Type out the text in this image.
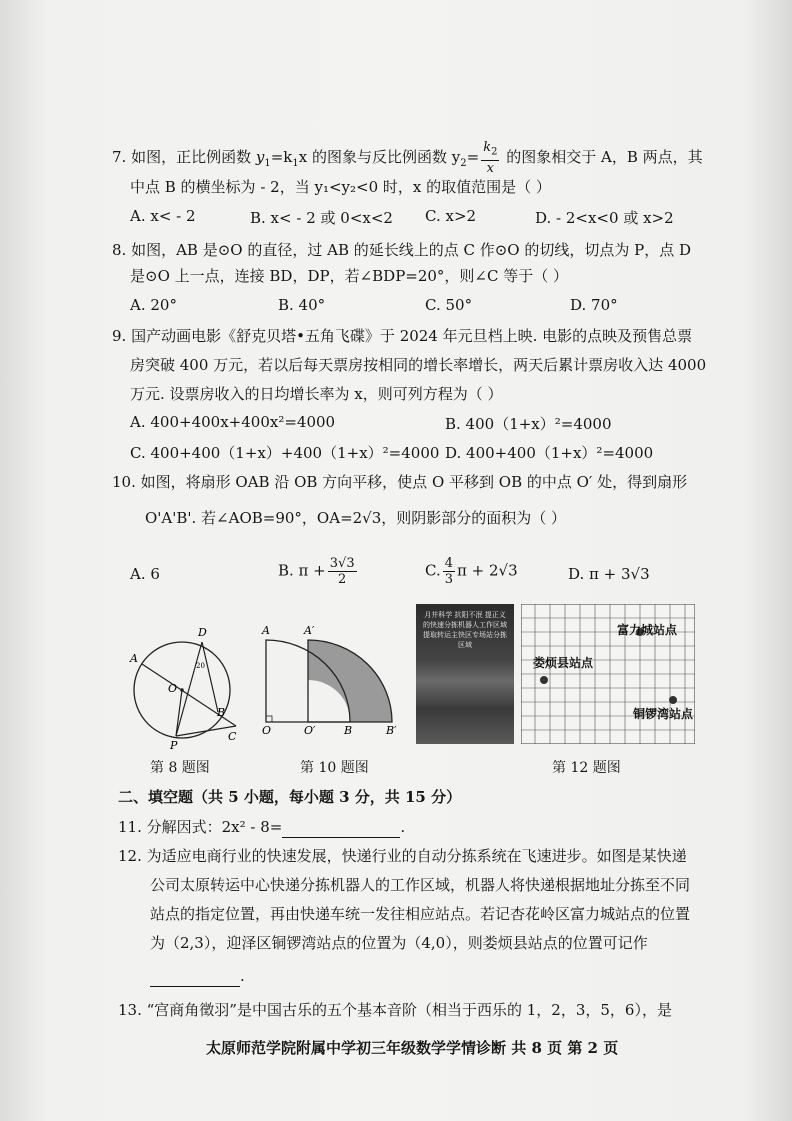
7. 如图，正比例函数 $y_1=k_1x$ 的图象与反比例函数 $y_2= \frac{k_2}{x}$ 的图象相交于 A，B 两点，其
中点 B 的横坐标为 - 2，当 y₁<y₂<0 时，x 的取值范围是（ ）
A. x< - 2	B. x< - 2 或 0<x<2 C. x>2	D. - 2<x<0 或 x>2
8. 如图，AB 是⊙O 的直径，过 AB 的延长线上的点 C 作⊙O 的切线，切点为 P，点 D
是⊙O 上一点，连接 BD，DP，若∠BDP=20°，则∠C 等于（ ）
A. 20°	B. 40°	C. 50°	D. 70°
9. 国产动画电影《舒克贝塔•五角飞碟》于 2024 年元旦档上映. 电影的点映及预售总票
房突破 400 万元，若以后每天票房按相同的增长率增长，两天后累计票房收入达 4000
万元. 设票房收入的日均增长率为 x，则可列方程为（ ）
A. 400+400x+400x²=4000	B. 400（1+x）²=4000
C. 400+400（1+x）+400（1+x）²=4000 D. 400+400（1+x）²=4000
10. 如图，将扇形 OAB 沿 OB 方向平移，使点 O 平移到 OB 的中点 O′ 处，得到扇形
O'A'B'. 若∠AOB=90°，OA=2√3，则阴影部分的面积为（ ）
A. 6	B. $\pi + \frac{3√3}{2}$	C. $\frac{4}{3}$ π + 2√3	D. π + 3√3
A
D
O
B
C
P
20
第 8 题图
A	A′
O	O′	B	B′
第 10 题图
月井科学 抗阳不泯 提正义的快速分拣机器人工作区域 提取转运主快区专场站分拣区域
富力城站点
娄烦县站点
铜锣湾站点
第 12 题图
二、填空题（共 5 小题，每小题 3 分，共 15 分）
11. 分解因式：2x² - 8=	.
12. 为适应电商行业的快速发展，快递行业的自动分拣系统在飞速进步。如图是某快递
公司太原转运中心快递分拣机器人的工作区域，机器人将快递根据地址分拣至不同
站点的指定位置，再由快递车统一发往相应站点。若记杏花岭区富力城站点的位置
为（2,3），迎泽区铜锣湾站点的位置为（4,0），则娄烦县站点的位置可记作
.
13. “宫商角徵羽”是中国古乐的五个基本音阶（相当于西乐的 1，2，3，5，6），是
太原师范学院附属中学初三年级数学学情诊断 共 8 页 第 2 页
